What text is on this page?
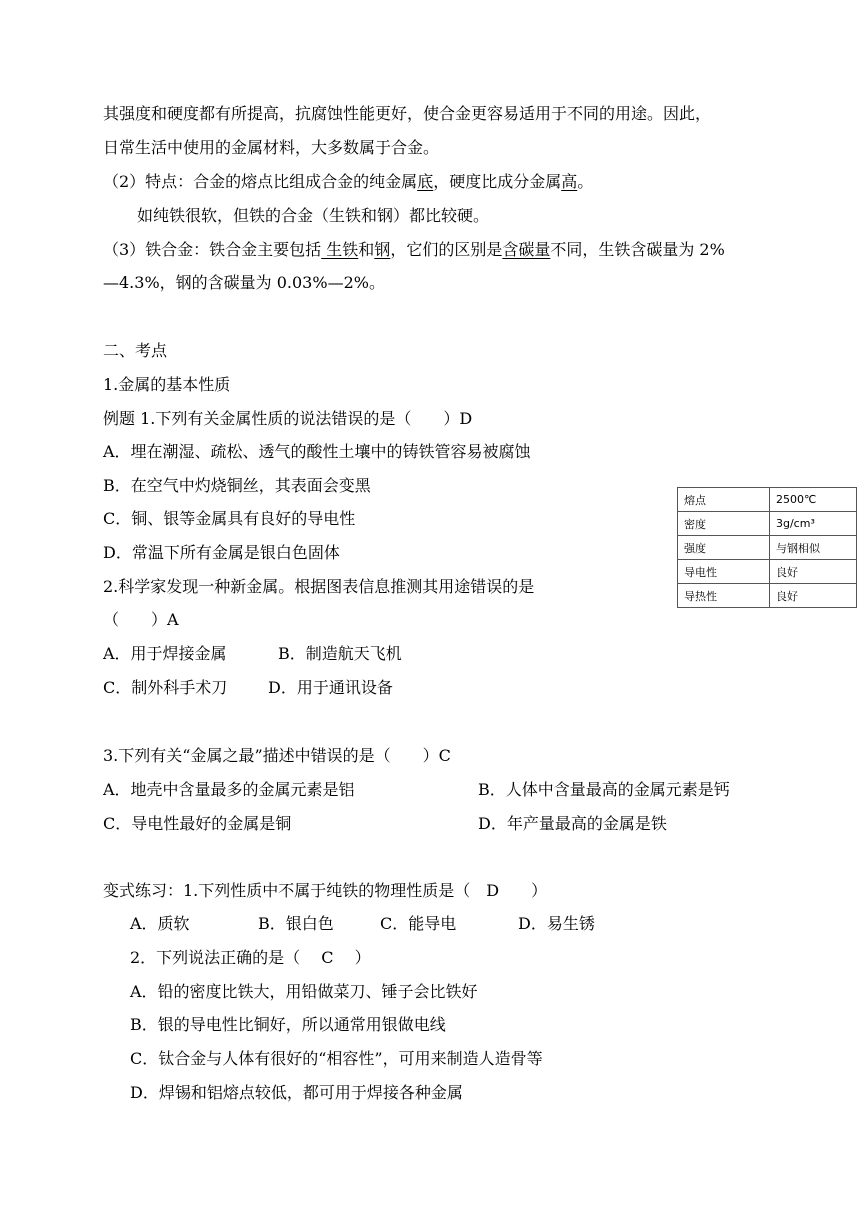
其强度和硬度都有所提高，抗腐蚀性能更好，使合金更容易适用于不同的用途。因此，
日常生活中使用的金属材料，大多数属于合金。
（2）特点：合金的熔点比组成合金的纯金属底，硬度比成分金属高。
如纯铁很软，但铁的合金（生铁和钢）都比较硬。
（3）铁合金：铁合金主要包括 生铁和钢，它们的区别是含碳量不同，生铁含碳量为 2%
—4.3%，钢的含碳量为 0.03%—2%。
二、考点
1.金属的基本性质
例题 1.下列有关金属性质的说法错误的是（　　）D
A．埋在潮湿、疏松、透气的酸性土壤中的铸铁管容易被腐蚀
B．在空气中灼烧铜丝，其表面会变黑
C．铜、银等金属具有良好的导电性
D．常温下所有金属是银白色固体
2.科学家发现一种新金属。根据图表信息推测其用途错误的是
（　　）A
A．用于焊接金属	B．制造航天飞机
C．制外科手术刀	D．用于通讯设备
熔点	2500℃
密度	3g/cm³
强度	与钢相似
导电性	良好
导热性	良好
3.下列有关“金属之最”描述中错误的是（　　）C
A．地壳中含量最多的金属元素是铝	B．人体中含量最高的金属元素是钙
C．导电性最好的金属是铜	D．年产量最高的金属是铁
变式练习：1.下列性质中不属于纯铁的物理性质是（　D　　）
A．质软	B．银白色	C．能导电	D．易生锈
2．下列说法正确的是（　 C　 ）
A．铅的密度比铁大，用铅做菜刀、锤子会比铁好
B．银的导电性比铜好，所以通常用银做电线
C．钛合金与人体有很好的“相容性”，可用来制造人造骨等
D．焊锡和铝熔点较低，都可用于焊接各种金属
